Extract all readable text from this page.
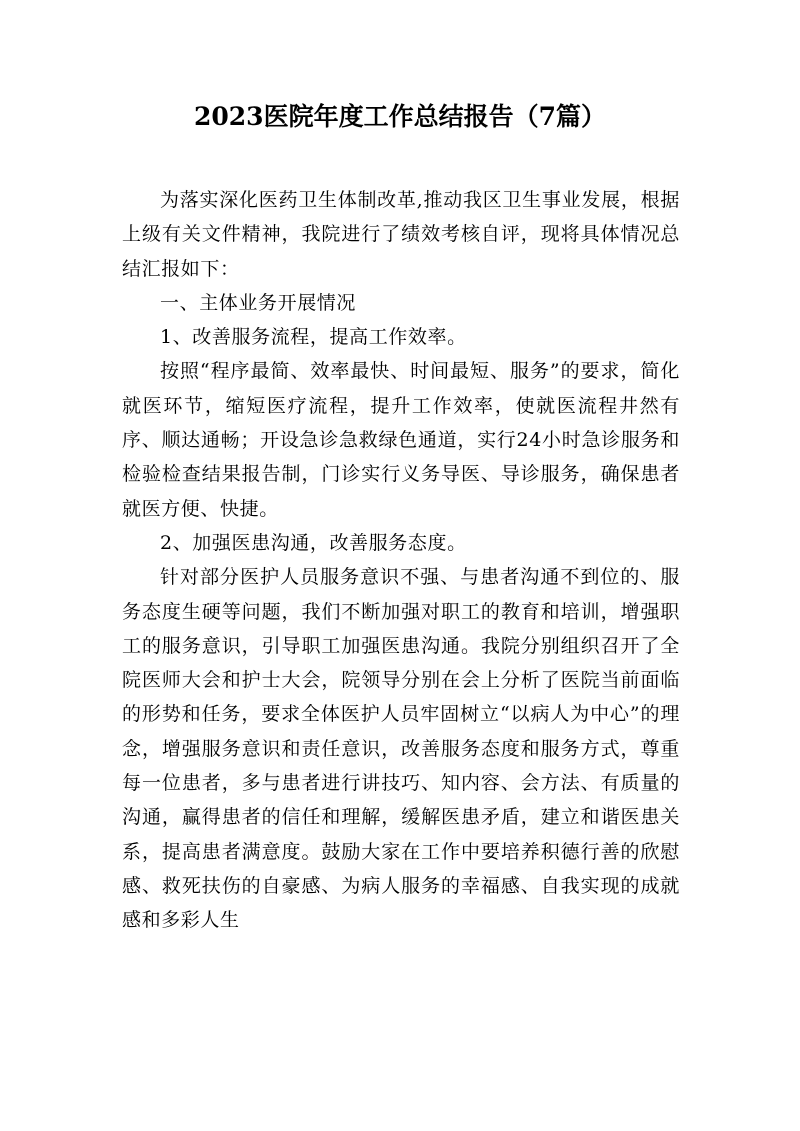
2023医院年度工作总结报告（7篇）

为落实深化医药卫生体制改革,推动我区卫生事业发展，根据上级有关文件精神，我院进行了绩效考核自评，现将具体情况总结汇报如下：

一、主体业务开展情况

1、改善服务流程，提高工作效率。

按照“程序最简、效率最快、时间最短、服务”的要求，简化就医环节，缩短医疗流程，提升工作效率，使就医流程井然有序、顺达通畅；开设急诊急救绿色通道，实行24小时急诊服务和检验检查结果报告制，门诊实行义务导医、导诊服务，确保患者就医方便、快捷。

2、加强医患沟通，改善服务态度。

针对部分医护人员服务意识不强、与患者沟通不到位的、服务态度生硬等问题，我们不断加强对职工的教育和培训，增强职工的服务意识，引导职工加强医患沟通。我院分别组织召开了全院医师大会和护士大会，院领导分别在会上分析了医院当前面临的形势和任务，要求全体医护人员牢固树立“以病人为中心”的理念，增强服务意识和责任意识，改善服务态度和服务方式，尊重每一位患者，多与患者进行讲技巧、知内容、会方法、有质量的沟通，赢得患者的信任和理解，缓解医患矛盾，建立和谐医患关系，提高患者满意度。鼓励大家在工作中要培养积德行善的欣慰感、救死扶伤的自豪感、为病人服务的幸福感、自我实现的成就感和多彩人生
